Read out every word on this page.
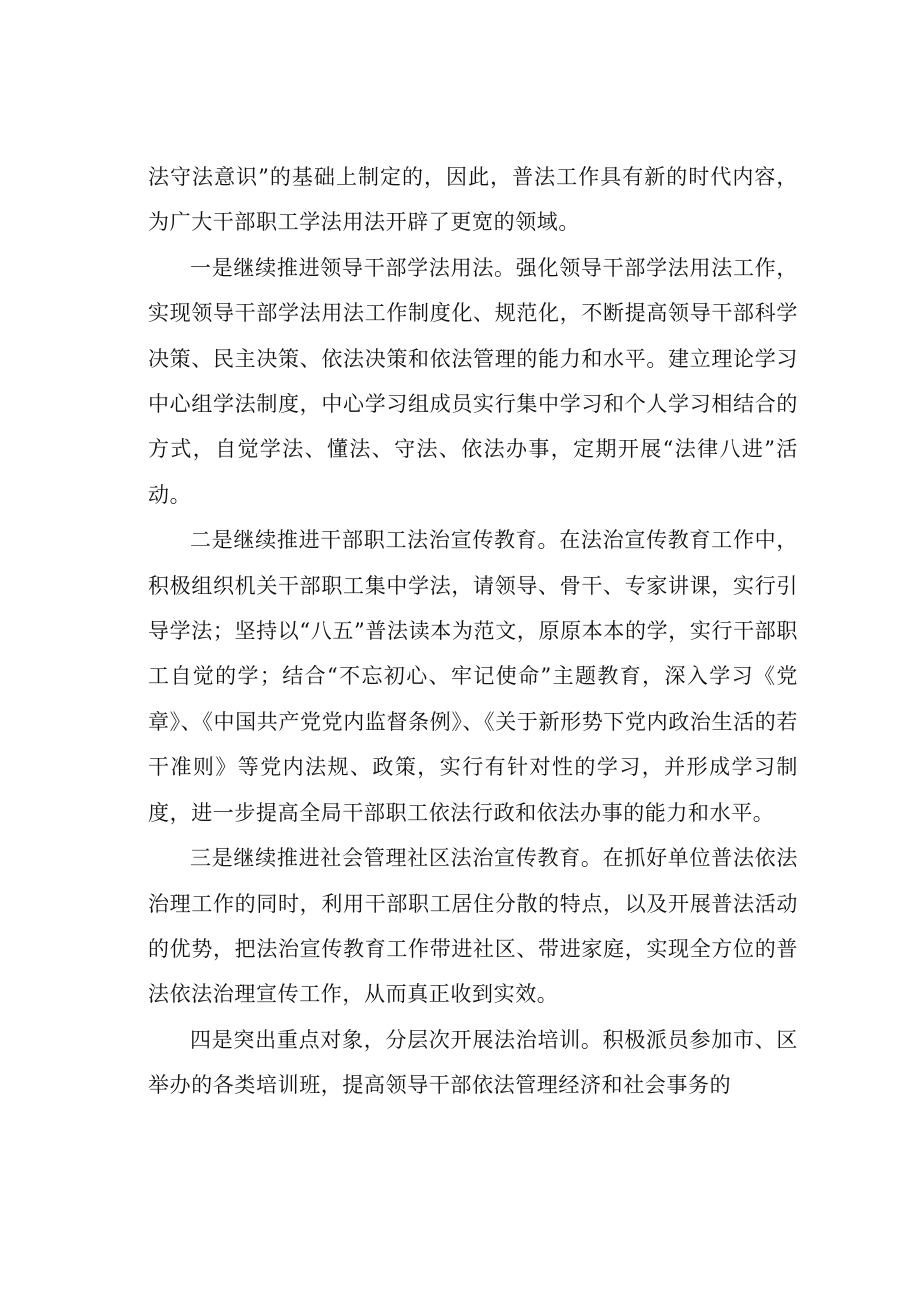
法守法意识”的基础上制定的，因此，普法工作具有新的时代内容，为广大干部职工学法用法开辟了更宽的领域。

一是继续推进领导干部学法用法。强化领导干部学法用法工作，实现领导干部学法用法工作制度化、规范化，不断提高领导干部科学决策、民主决策、依法决策和依法管理的能力和水平。建立理论学习中心组学法制度，中心学习组成员实行集中学习和个人学习相结合的方式，自觉学法、懂法、守法、依法办事，定期开展“法律八进”活动。

二是继续推进干部职工法治宣传教育。在法治宣传教育工作中，积极组织机关干部职工集中学法，请领导、骨干、专家讲课，实行引导学法；坚持以“八五”普法读本为范文，原原本本的学，实行干部职工自觉的学；结合“不忘初心、牢记使命”主题教育，深入学习《党章》、《中国共产党党内监督条例》、《关于新形势下党内政治生活的若干准则》等党内法规、政策，实行有针对性的学习，并形成学习制度，进一步提高全局干部职工依法行政和依法办事的能力和水平。

三是继续推进社会管理社区法治宣传教育。在抓好单位普法依法治理工作的同时，利用干部职工居住分散的特点，以及开展普法活动的优势，把法治宣传教育工作带进社区、带进家庭，实现全方位的普法依法治理宣传工作，从而真正收到实效。

四是突出重点对象，分层次开展法治培训。积极派员参加市、区举办的各类培训班，提高领导干部依法管理经济和社会事务的
